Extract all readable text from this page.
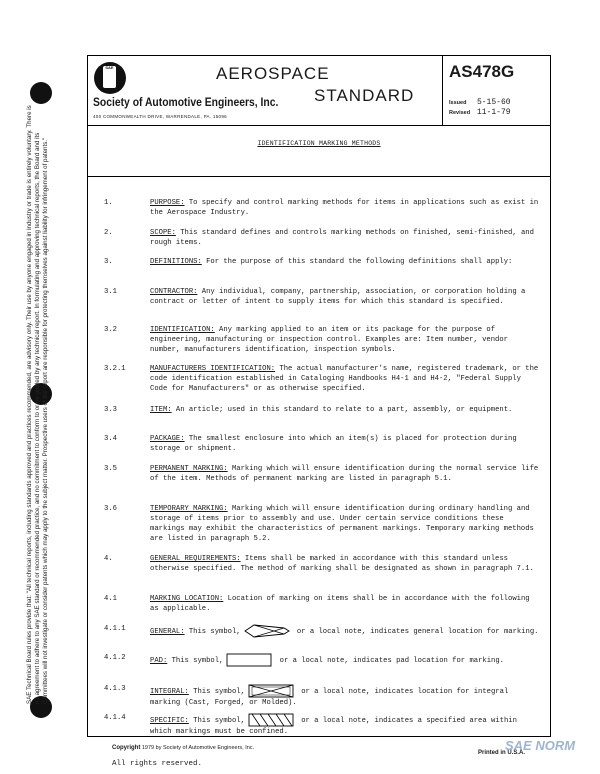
SAE Technical Board rules provide that: "All technical reports, including standards approved and practices recommended, are advisory only. Their use by anyone engaged in industry or trade is entirely voluntary. There is no agreement to adhere to any SAE standard or recommended practice, and no commitment to conform to or be guided by any technical report. In formulating and approving technical reports, the Board and its Committees will not investigate or consider patents which may apply to the subject matter. Prospective users of the report are responsible for protecting themselves against liability for infringement of patents."
SAE	AEROSPACE
STANDARD
Society of Automotive Engineers, Inc.
400 COMMONWEALTH DRIVE, WARRENDALE, PA. 15096
AS478G
Issued 5-15-60
Revised 11-1-79
IDENTIFICATION MARKING METHODS
1.	PURPOSE: To specify and control marking methods for items in applications such as exist in the Aerospace Industry.
2.	SCOPE: This standard defines and controls marking methods on finished, semi-finished, and rough items.
3.	DEFINITIONS: For the purpose of this standard the following definitions shall apply:
3.1	CONTRACTOR: Any individual, company, partnership, association, or corporation holding a contract or letter of intent to supply items for which this standard is specified.
3.2	IDENTIFICATION: Any marking applied to an item or its package for the purpose of engineering, manufacturing or inspection control. Examples are: Item number, vendor number, manufacturers identification, inspection symbols.
3.2.1	MANUFACTURERS IDENTIFICATION: The actual manufacturer's name, registered trademark, or the code identification established in Cataloging Handbooks H4-1 and H4-2, "Federal Supply Code for Manufacturers" or as otherwise specified.
3.3	ITEM: An article; used in this standard to relate to a part, assembly, or equipment.
3.4	PACKAGE: The smallest enclosure into which an item(s) is placed for protection during storage or shipment.
3.5	PERMANENT MARKING: Marking which will ensure identification during the normal service life of the item. Methods of permanent marking are listed in paragraph 5.1.
3.6	TEMPORARY MARKING: Marking which will ensure identification during ordinary handling and storage of items prior to assembly and use. Under certain service conditions these markings may exhibit the characteristics of permanent markings. Temporary marking methods are listed in paragraph 5.2.
4.	GENERAL REQUIREMENTS: Items shall be marked in accordance with this standard unless otherwise specified. The method of marking shall be designated as shown in paragraph 7.1.
4.1	MARKING LOCATION: Location of marking on items shall be in accordance with the following as applicable.
4.1.1	GENERAL: This symbol,	or a local note, indicates general location for marking.
4.1.2	PAD: This symbol,	or a local note, indicates pad location for marking.
4.1.3	INTEGRAL: This symbol,	or a local note, indicates location for integral marking (Cast, Forged, or Molded).
4.1.4	SPECIFIC: This symbol,	or a local note, indicates a specified area within which markings must be confined.
Copyright 1979 by Society of Automotive Engineers, Inc.
All rights reserved.
Printed in U.S.A.
SAE NORM
